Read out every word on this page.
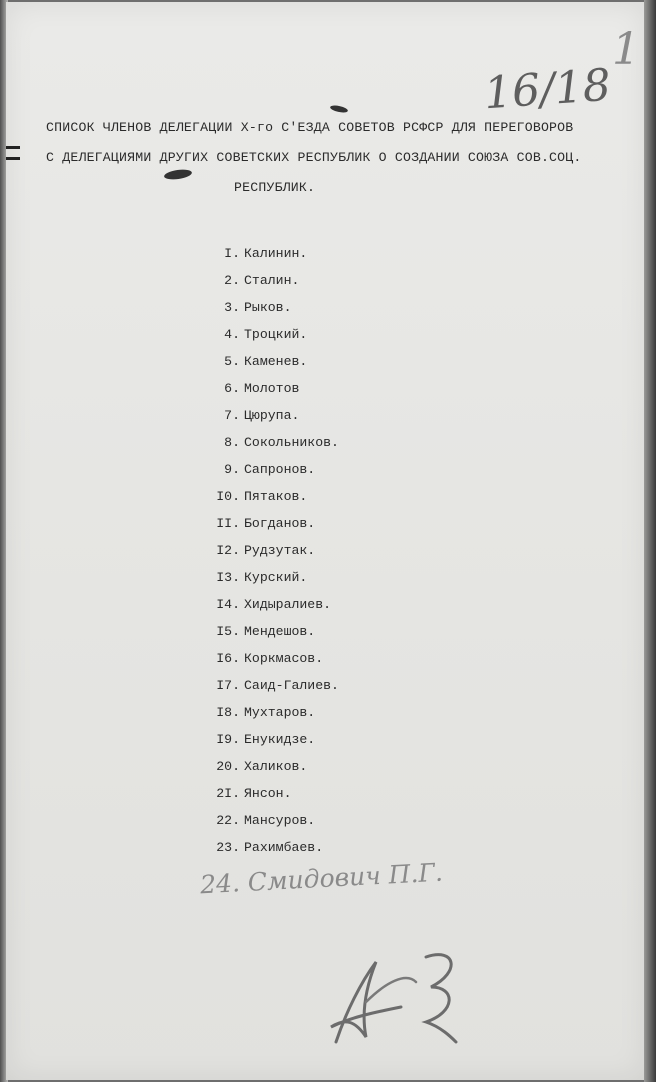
16/18
1
СПИСОК ЧЛЕНОВ ДЕЛЕГАЦИИ Х-го С'ЕЗДА СОВЕТОВ РСФСР ДЛЯ ПЕРЕГОВОРОВ
С ДЕЛЕГАЦИЯМИ ДРУГИХ СОВЕТСКИХ РЕСПУБЛИК О СОЗДАНИИ СОЮЗА СОВ.СОЦ.
РЕСПУБЛИК.
I. Калинин.
2. Сталин.
3. Рыков.
4. Троцкий.
5. Каменев.
6. Молотов
7. Цюрупа.
8. Сокольников.
9. Сапронов.
I0. Пятаков.
II. Богданов.
I2. Рудзутак.
I3. Курский.
I4. Хидыралиев.
I5. Мендешов.
I6. Коркмасов.
I7. Саид-Галиев.
I8. Мухтаров.
I9. Енукидзе.
20. Халиков.
2I. Янсон.
22. Мансуров.
23. Рахимбаев.
24. Смидович П.Г.
